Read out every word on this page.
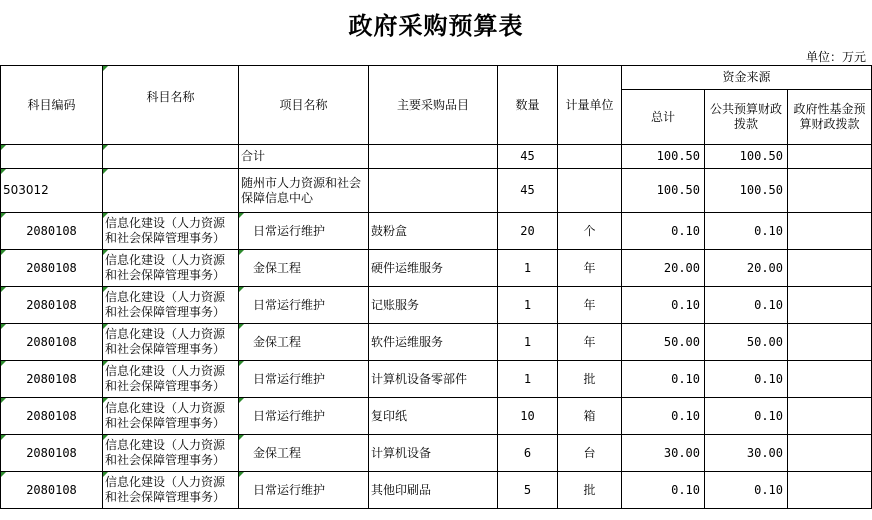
政府采购预算表
单位：万元
科目编码	科目名称	项目名称	主要采购品目	数量	计量单位	资金来源		
						总计	公共预算财政拨款	政府性基金预算财政拨款
		合计		45		100.50	100.50	
503012		随州市人力资源和社会保障信息中心		45		100.50	100.50	
2080108	信息化建设（人力资源和社会保障管理事务）	日常运行维护	鼓粉盒	20	个	0.10	0.10	
2080108	信息化建设（人力资源和社会保障管理事务）	金保工程	硬件运维服务	1	年	20.00	20.00	
2080108	信息化建设（人力资源和社会保障管理事务）	日常运行维护	记账服务	1	年	0.10	0.10	
2080108	信息化建设（人力资源和社会保障管理事务）	金保工程	软件运维服务	1	年	50.00	50.00	
2080108	信息化建设（人力资源和社会保障管理事务）	日常运行维护	计算机设备零部件	1	批	0.10	0.10	
2080108	信息化建设（人力资源和社会保障管理事务）	日常运行维护	复印纸	10	箱	0.10	0.10	
2080108	信息化建设（人力资源和社会保障管理事务）	金保工程	计算机设备	6	台	30.00	30.00	
2080108	信息化建设（人力资源和社会保障管理事务）	日常运行维护	其他印刷品	5	批	0.10	0.10	
